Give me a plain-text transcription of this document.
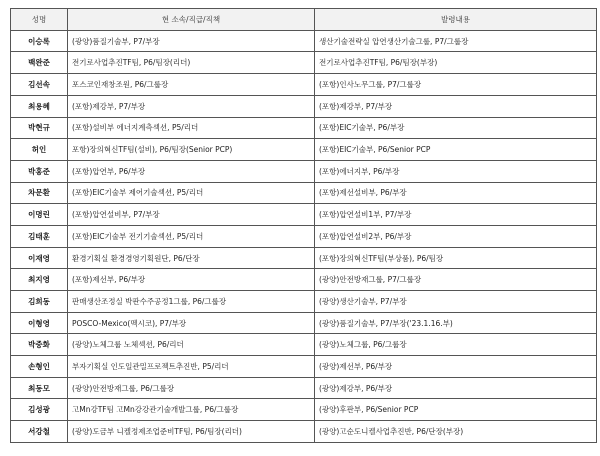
성명	현 소속/직급/직책	발령내용
이승록	(광양)품질기술부, P7/부장	생산기술전략실 압연생산기술그룹, P7/그룹장
백완준	전기로사업추진TF팀, P6/팀장(리더)	전기로사업추진TF팀, P6/팀장(부장)
김선속	포스코인재창조원, P6/그룹장	(포항)인사노무그룹, P7/그룹장
최용혜	(포항)제강부, P7/부장	(포항)제강부, P7/부장
박현규	(포항)설비부 에너지계측섹션, P5/리더	(포항)EIC기술부, P6/부장
허인	포항)장의혁신TF팀(설비), P6/팀장(Senior PCP)	(포항)EIC기술부, P6/Senior PCP
박홍준	(포항)압연부, P6/부장	(포항)에너지부, P6/부장
차문환	(포항)EIC기술부 제어기술섹션, P5/리더	(포항)제선설비부, P6/부장
이명린	(포항)압연설비부, P7/부장	(포항)압연설비1부, P7/부장
김태훈	(포항)EIC기술부 전기기술섹션, P5/리더	(포항)압연설비2부, P6/부장
이재영	환경기획실 환경경영기획원단, P6/단장	(포항)장의혁신TF팀(부상품), P6/팀장
최지영	(포항)제선부, P6/부장	(광양)안전방재그룹, P7/그룹장
김희동	판매생산조정실 박판수주공정1그룹, P6/그룹장	(광양)생산기술부, P7/부장
이형영	POSCO-Mexico(멕시코), P7/부장	(광양)품질기술부, P7/부장('23.1.16.부)
박중화	(광양)노체그룹 노체섹션, P6/리더	(광양)노체그룹, P6/그룹장
손형인	부자기획실 인도일관밀프로젝트추진반, P5/리더	(광양)제선부, P6/부장
최동모	(광양)안전방재그룹, P6/그룹장	(광양)제강부, P6/부장
김성광	고Mn강TF팀 고Mn강강관기술개발그룹, P6/그룹장	(광양)후판부, P6/Senior PCP
서강철	(광양)도금부 니켈정제조업준비TF팀, P6/팀장(리더)	(광양)고순도니켈사업추진반, P6/단장(부장)
